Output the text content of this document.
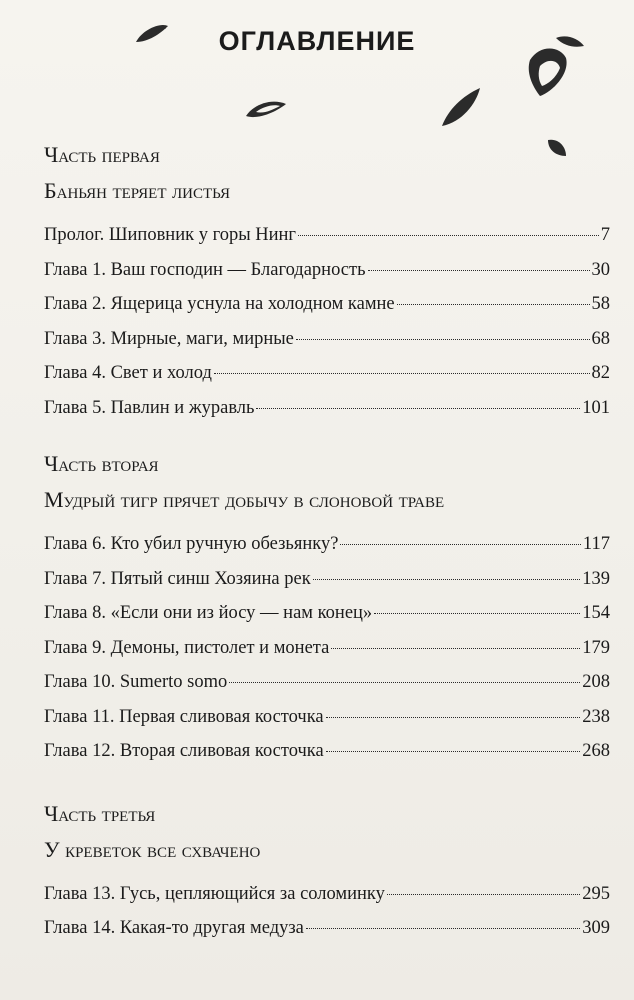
ОГЛАВЛЕНИЕ

Часть первая

Баньян теряет листья

Пролог. Шиповник у горы Нинг	7
Глава 1. Ваш господин — Благодарность	30
Глава 2. Ящерица уснула на холодном камне	58
Глава 3. Мирные, маги, мирные	68
Глава 4. Свет и холод	82
Глава 5. Павлин и журавль	101

Часть вторая

Мудрый тигр прячет добычу в слоновой траве

Глава 6. Кто убил ручную обезьянку?	117
Глава 7. Пятый синш Хозяина рек	139
Глава 8. «Если они из йосу — нам конец»	154
Глава 9. Демоны, пистолет и монета	179
Глава 10. Sumerto somo	208
Глава 11. Первая сливовая косточка	238
Глава 12. Вторая сливовая косточка	268

Часть третья

У креветок все схвачено

Глава 13. Гусь, цепляющийся за соломинку	295
Глава 14. Какая-то другая медуза	309
